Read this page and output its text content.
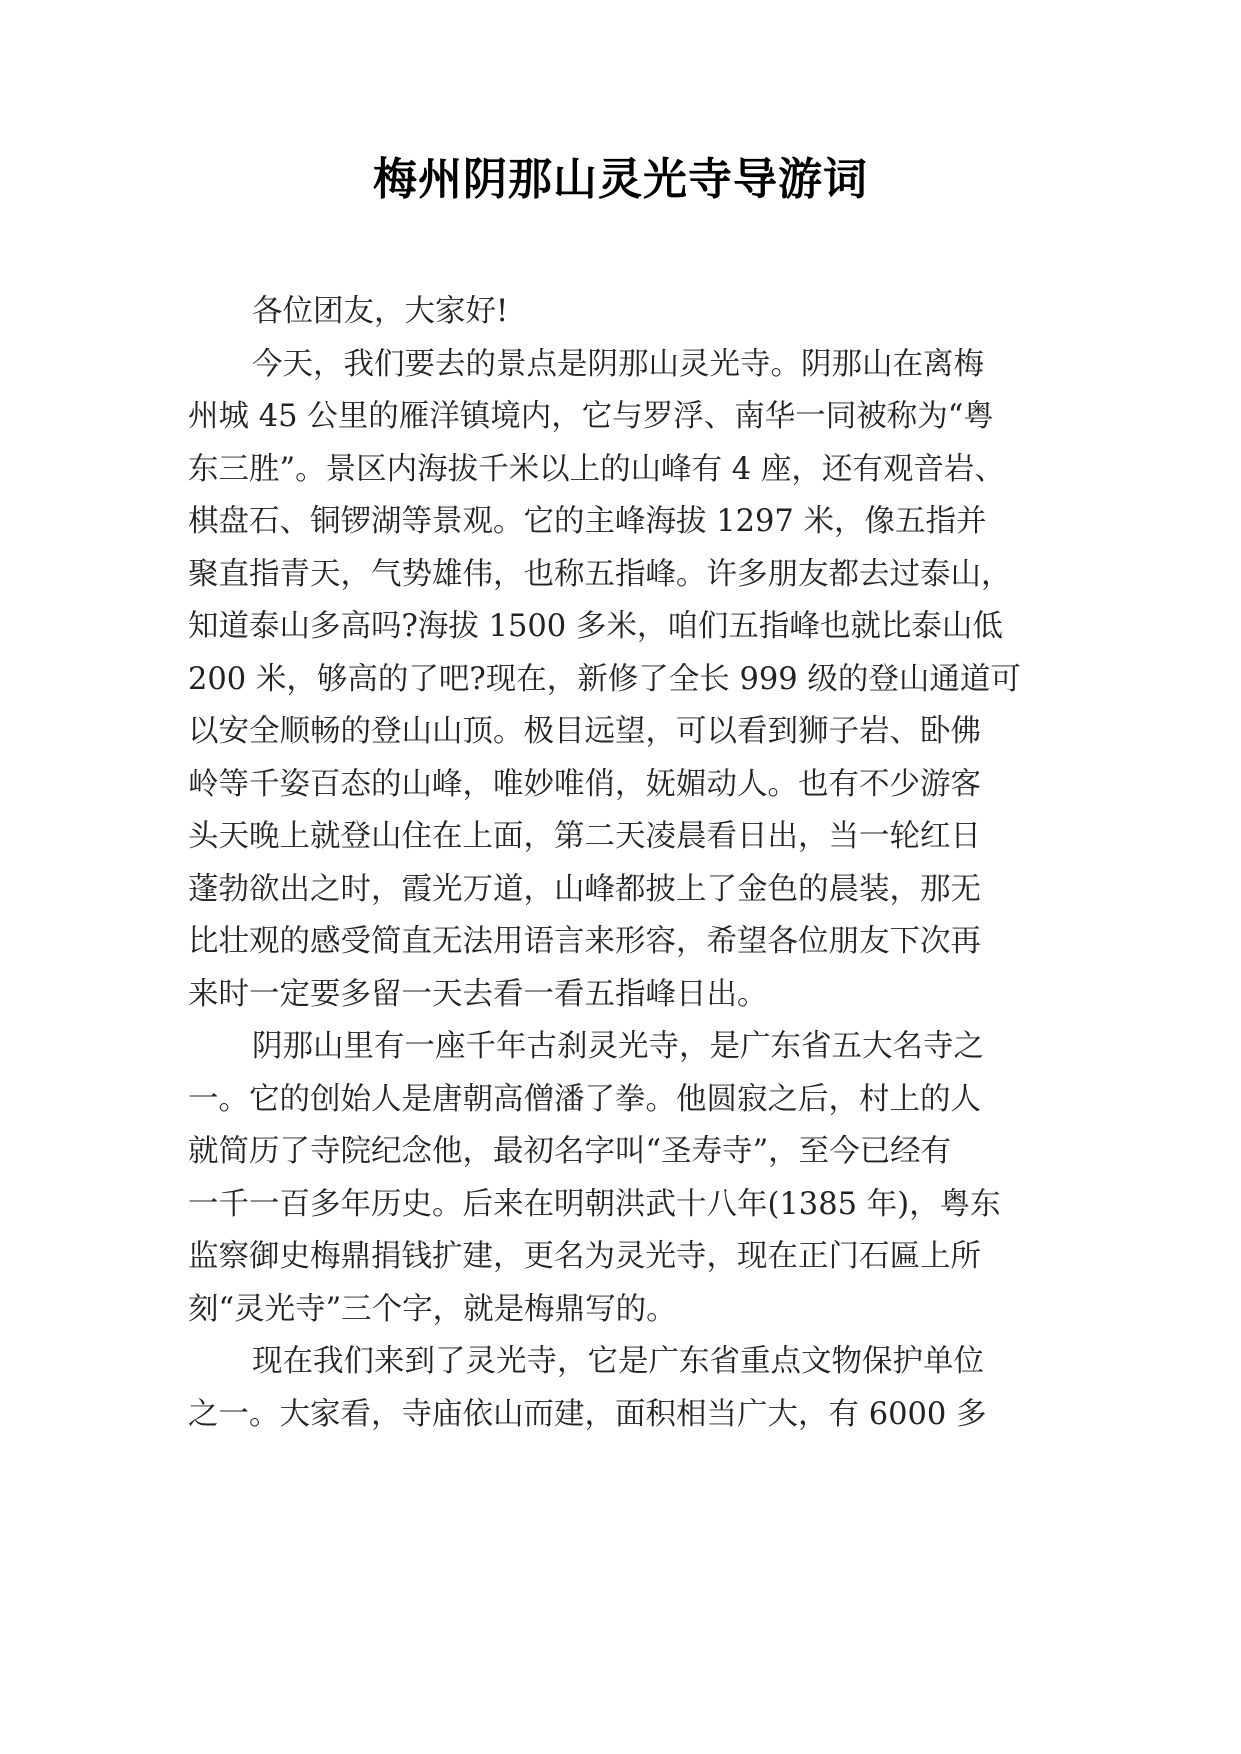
梅州阴那山灵光寺导游词
各位团友，大家好!
今天，我们要去的景点是阴那山灵光寺。阴那山在离梅
州城 45 公里的雁洋镇境内，它与罗浮、南华一同被称为“粤
东三胜”。景区内海拔千米以上的山峰有 4 座，还有观音岩、
棋盘石、铜锣湖等景观。它的主峰海拔 1297 米，像五指并
聚直指青天，气势雄伟，也称五指峰。许多朋友都去过泰山，
知道泰山多高吗?海拔 1500 多米，咱们五指峰也就比泰山低
200 米，够高的了吧?现在，新修了全长 999 级的登山通道可
以安全顺畅的登山山顶。极目远望，可以看到狮子岩、卧佛
岭等千姿百态的山峰，唯妙唯俏，妩媚动人。也有不少游客
头天晚上就登山住在上面，第二天凌晨看日出，当一轮红日
蓬勃欲出之时，霞光万道，山峰都披上了金色的晨装，那无
比壮观的感受简直无法用语言来形容，希望各位朋友下次再
来时一定要多留一天去看一看五指峰日出。
阴那山里有一座千年古刹灵光寺，是广东省五大名寺之
一。它的创始人是唐朝高僧潘了拳。他圆寂之后，村上的人
就简历了寺院纪念他，最初名字叫“圣寿寺”，至今已经有
一千一百多年历史。后来在明朝洪武十八年(1385 年)，粤东
监察御史梅鼎捐钱扩建，更名为灵光寺，现在正门石匾上所
刻“灵光寺”三个字，就是梅鼎写的。
现在我们来到了灵光寺，它是广东省重点文物保护单位
之一。大家看，寺庙依山而建，面积相当广大，有 6000 多
